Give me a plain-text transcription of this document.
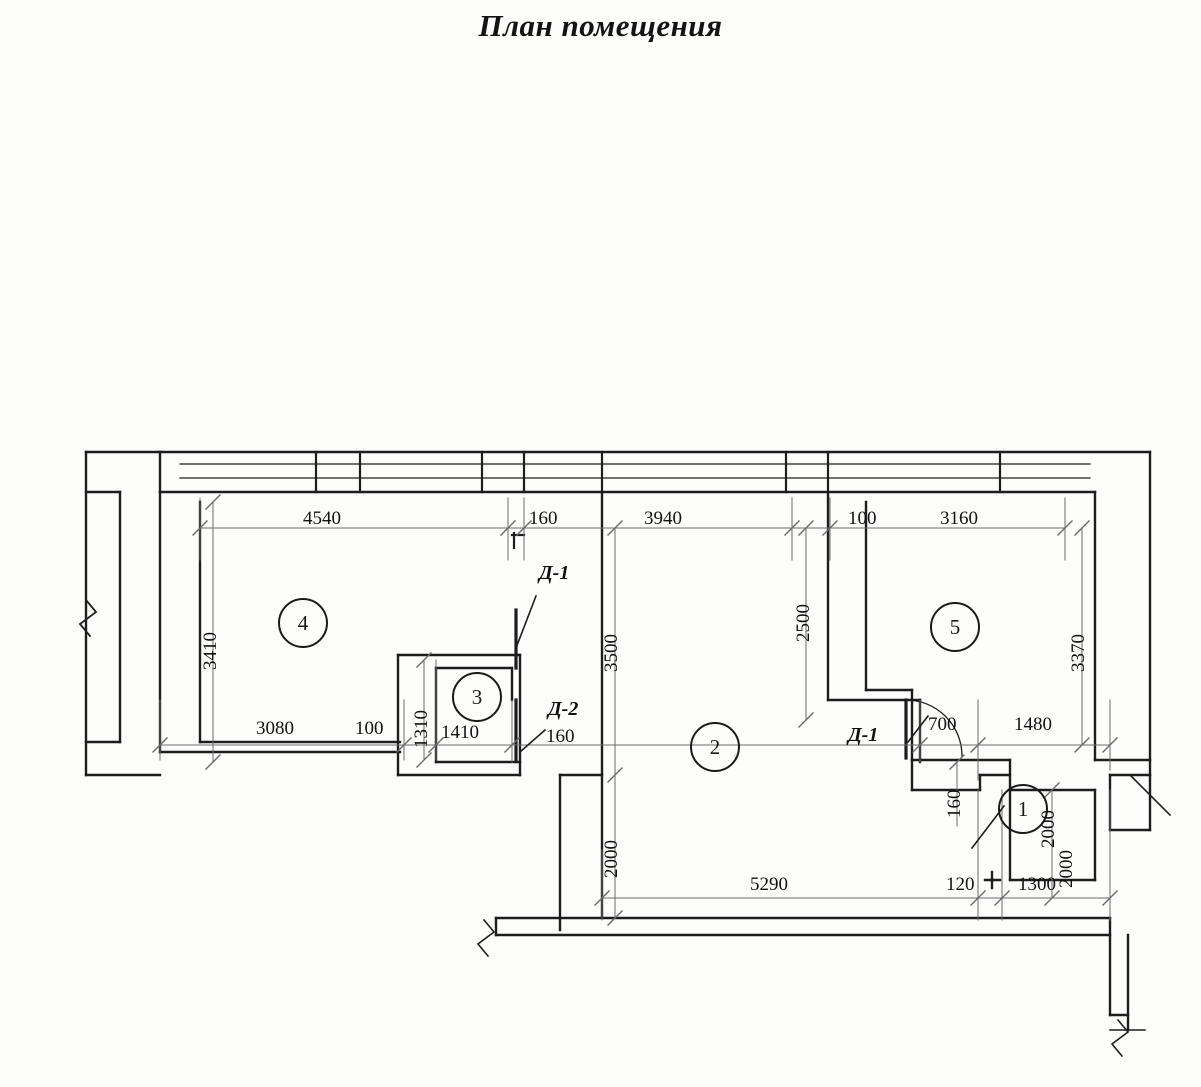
План помещения
4
3
2
5
1
4540	160	3940	100	3160
3080	100	1410	160
700	1480
5290	120 1300
3410
1310
3500
2000
2500
3370
160
2000
2000
Д-1
Д-2
Д-1
